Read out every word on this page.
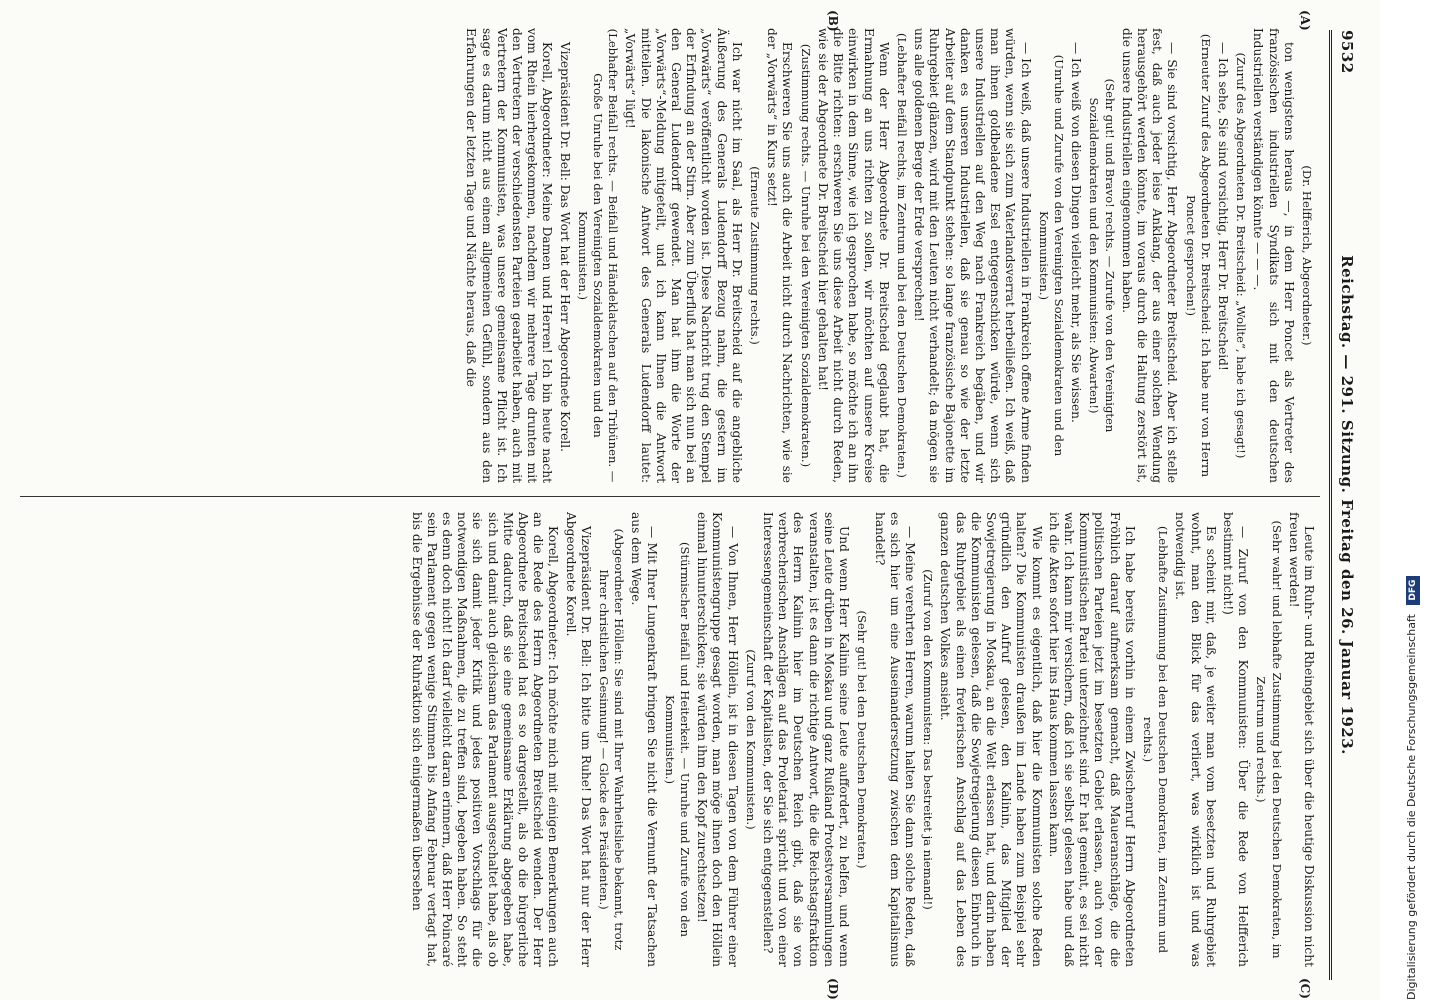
9532
Reichstag. — 291. Sitzung. Freitag den 26. Januar 1923.
(A)
(B)
(C)
(D)

(Dr. Helfferich, Abgeordneter.)

ton wenigstens heraus —, in dem Herr Poncet als Vertreter des französischen industriellen Syndikats sich mit den deutschen Industriellen verständigen könnte — — —.

(Zuruf des Abgeordneten Dr. Breitscheid: „Wollte“, habe ich gesagt!)

— Ich sehe, Sie sind vorsichtig, Herr Dr. Breitscheid!

(Erneuter Zuruf des Abgeordneten Dr. Breitscheid: Ich habe nur von Herrn Poncet gesprochen!)

— Sie sind vorsichtig, Herr Abgeordneter Breitscheid. Aber ich stelle fest, daß auch jeder leise Anklang, der aus einer solchen Wendung herausgehört werden könnte, im voraus durch die Haltung zerstört ist, die unsere Industriellen eingenommen haben.

(Sehr gut! und Bravo! rechts. — Zurufe von den Vereinigten Sozialdemokraten und den Kommunisten: Abwarten!)

— Ich weiß von diesen Dingen vielleicht mehr, als Sie wissen.

(Unruhe und Zurufe von den Vereinigten Sozialdemokraten und den Kommunisten.)

— Ich weiß, daß unsere Industriellen in Frankreich offene Arme finden würden, wenn sie sich zum Vaterlandsverrat herbeiließen. Ich weiß, daß man ihnen goldbeladene Esel entgegenschicken würde, wenn sich unsere Industriellen auf den Weg nach Frankreich begäben, und wir danken es unseren Industriellen, daß sie genau so wie der letzte Arbeiter auf dem Standpunkt stehen: so lange französische Bajonette im Ruhrgebiet glänzen, wird mit den Leuten nicht verhandelt; da mögen sie uns alle goldenen Berge der Erde versprechen!

(Lebhafter Beifall rechts, im Zentrum und bei den Deutschen Demokraten.)

Wenn der Herr Abgeordnete Dr. Breitscheid geglaubt hat, die Ermahnung an uns richten zu sollen, wir möchten auf unsere Kreise einwirken in dem Sinne, wie ich gesprochen habe, so möchte ich an ihn die Bitte richten: erschweren Sie uns diese Arbeit nicht durch Reden, wie sie der Abgeordnete Dr. Breitscheid hier gehalten hat!

(Zustimmung rechts. — Unruhe bei den Vereinigten Sozialdemokraten.)

Erschweren Sie uns auch die Arbeit nicht durch Nachrichten, wie sie der „Vorwärts“ in Kurs setzt!

(Erneute Zustimmung rechts.)

Ich war nicht im Saal, als Herr Dr. Breitscheid auf die angebliche Äußerung des Generals Ludendorff Bezug nahm, die gestern im „Vorwärts“ veröffentlicht worden ist. Diese Nachricht trug den Stempel der Erfindung an der Stirn. Aber zum Überfluß hat man sich nun bei an den General Ludendorff gewendet. Man hat ihm die Worte der „Vorwärts“-Meldung mitgeteilt, und ich kann Ihnen die Antwort mitteilen. Die lakonische Antwort des Generals Ludendorff lautet: „Vorwärts“ lügt!

(Lebhafter Beifall rechts. — Beifall und Händeklatschen auf den Tribünen. — Große Unruhe bei den Vereinigten Sozialdemokraten und den Kommunisten.)

Vizepräsident Dr. Bell: Das Wort hat der Herr Abgeordnete Korell.

Korell, Abgeordneter: Meine Damen und Herren! Ich bin heute nacht vom Rhein hierhergekommen, nachdem wir mehrere Tage drunten mit den Vertretern der verschiedensten Parteien gearbeitet haben, auch mit Vertretern der Kommunisten, was unsere gemeinsame Pflicht ist. Ich sage es darum nicht aus einem allgemeinen Gefühl, sondern aus den Erfahrungen der letzten Tage und Nächte heraus, daß die

Leute im Ruhr- und Rheingebiet sich über die heutige Diskussion nicht freuen werden!

(Sehr wahr! und lebhafte Zustimmung bei den Deutschen Demokraten, im Zentrum und rechts.)

— Zuruf von den Kommunisten: Über die Rede von Helfferich bestimmt nicht!)

Es scheint mir, daß, je weiter man vom besetzten und Ruhrgebiet wohnt, man den Blick für das verliert, was wirklich ist und was notwendig ist.

(Lebhafte Zustimmung bei den Deutschen Demokraten, im Zentrum und rechts.)

Ich habe bereits vorhin in einem Zwischenruf Herrn Abgeordneten Fröhlich darauf aufmerksam gemacht, daß Maueranschläge, die die politischen Parteien jetzt im besetzten Gebiet erlassen, auch von der Kommunistischen Partei unterzeichnet sind. Er hat gemeint, es sei nicht wahr. Ich kann mir versichern, daß ich sie selbst gelesen habe und daß ich die Akten sofort hier ins Haus kommen lassen kann.

Wie kommt es eigentlich, daß hier die Kommunisten solche Reden halten? Die Kommunisten draußen im Lande haben zum Beispiel sehr gründlich den Aufruf gelesen, den Kalinin, das Mitglied der Sowjetregierung in Moskau, an die Welt erlassen hat, und darin haben die Kommunisten gelesen, daß die Sowjetregierung diesen Einbruch in das Ruhrgebiet als einen frevlerischen Anschlag auf das Leben des ganzen deutschen Volkes ansieht.

(Zuruf von den Kommunisten: Das bestreitet ja niemand!)

— Meine verehrten Herren, warum halten Sie dann solche Reden, daß es sich hier um eine Auseinandersetzung zwischen dem Kapitalismus handelt?

(Sehr gut! bei den Deutschen Demokraten.)

Und wenn Herr Kalinin seine Leute auffordert, zu helfen, und wenn seine Leute drüben in Moskau und ganz Rußland Protestversammlungen veranstalten, ist es dann die richtige Antwort, die die Reichstagsfraktion des Herrn Kalinin hier im Deutschen Reich gibt, daß sie von verbrecherischen Anschlägen auf das Proletariat spricht und von einer Interessengemeinschaft der Kapitalisten, der Sie sich entgegenstellen?

(Zuruf von den Kommunisten.)

— Von Ihnen, Herr Höllein, ist in diesen Tagen von dem Führer einer Kommunistengruppe gesagt worden, man möge ihnen doch den Höllein einmal hinunterschicken; sie würden ihm den Kopf zurechtsetzen!

(Stürmischer Beifall und Heiterkeit. — Unruhe und Zurufe von den Kommunisten.)

— Mit Ihrer Lungenkraft bringen Sie nicht die Vernunft der Tatsachen aus dem Wege.

(Abgeordneter Höllein: Sie sind mit Ihrer Wahrheitsliebe bekannt, trotz Ihrer christlichen Gesinnung! — Glocke des Präsidenten.)

Vizepräsident Dr. Bell: Ich bitte um Ruhe! Das Wort hat nur der Herr Abgeordnete Korell.

Korell, Abgeordneter: Ich möchte mich mit einigen Bemerkungen auch an die Rede des Herrn Abgeordneten Breitscheid wenden. Der Herr Abgeordnete Breitscheid hat es so dargestellt, als ob die bürgerliche Mitte dadurch, daß sie eine gemeinsame Erklärung abgegeben habe, sich und damit auch gleichsam das Parlament ausgeschaltet habe, als ob sie sich damit jeder Kritik und jedes positiven Vorschlags für die notwendigen Maßnahmen, die zu treffen sind, begeben haben. So steht es denn doch nicht! Ich darf vielleicht daran erinnern, daß Herr Poincaré sein Parlament gegen wenige Stimmen bis Anfang Februar vertagt hat, bis die Ergebnisse der Ruhraktion sich einigermaßen übersehen	Digitalisierung gefördert durch die Deutsche Forschungsgemeinschaft DFG
